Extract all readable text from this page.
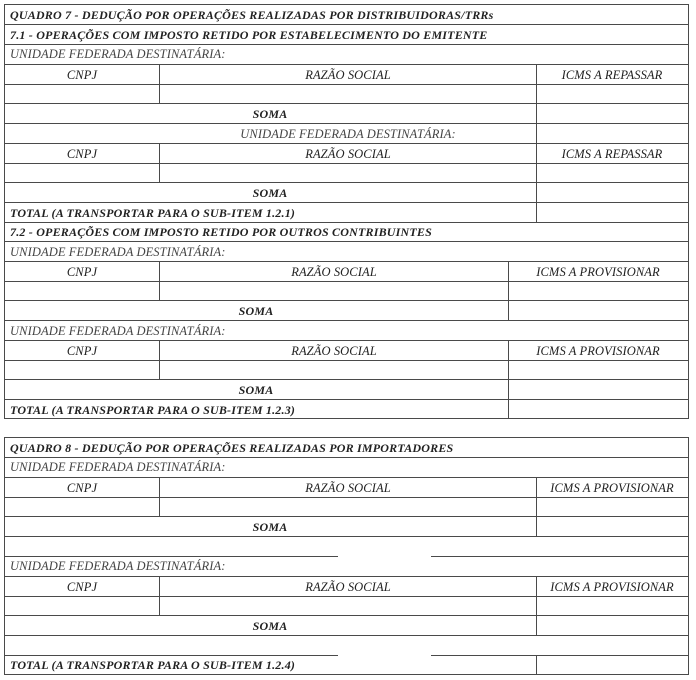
QUADRO 7 - DEDUÇÃO POR OPERAÇÕES REALIZADAS POR DISTRIBUIDORAS/TRRs
7.1 - OPERAÇÕES COM IMPOSTO RETIDO POR ESTABELECIMENTO DO EMITENTE
UNIDADE FEDERADA DESTINATÁRIA:
CNPJ	RAZÃO SOCIAL	ICMS A REPASSAR
SOMA
UNIDADE FEDERADA DESTINATÁRIA:
CNPJ	RAZÃO SOCIAL	ICMS A REPASSAR
SOMA
TOTAL (A TRANSPORTAR PARA O SUB-ITEM 1.2.1)
7.2 - OPERAÇÕES COM IMPOSTO RETIDO POR OUTROS CONTRIBUINTES
UNIDADE FEDERADA DESTINATÁRIA:
CNPJ	RAZÃO SOCIAL	ICMS A PROVISIONAR
SOMA
UNIDADE FEDERADA DESTINATÁRIA:
CNPJ	RAZÃO SOCIAL	ICMS A PROVISIONAR
SOMA
TOTAL (A TRANSPORTAR PARA O SUB-ITEM 1.2.3)
QUADRO 8 - DEDUÇÃO POR OPERAÇÕES REALIZADAS POR IMPORTADORES
UNIDADE FEDERADA DESTINATÁRIA:
CNPJ	RAZÃO SOCIAL	ICMS A PROVISIONAR
SOMA
UNIDADE FEDERADA DESTINATÁRIA:
CNPJ	RAZÃO SOCIAL	ICMS A PROVISIONAR
SOMA
TOTAL (A TRANSPORTAR PARA O SUB-ITEM 1.2.4)
